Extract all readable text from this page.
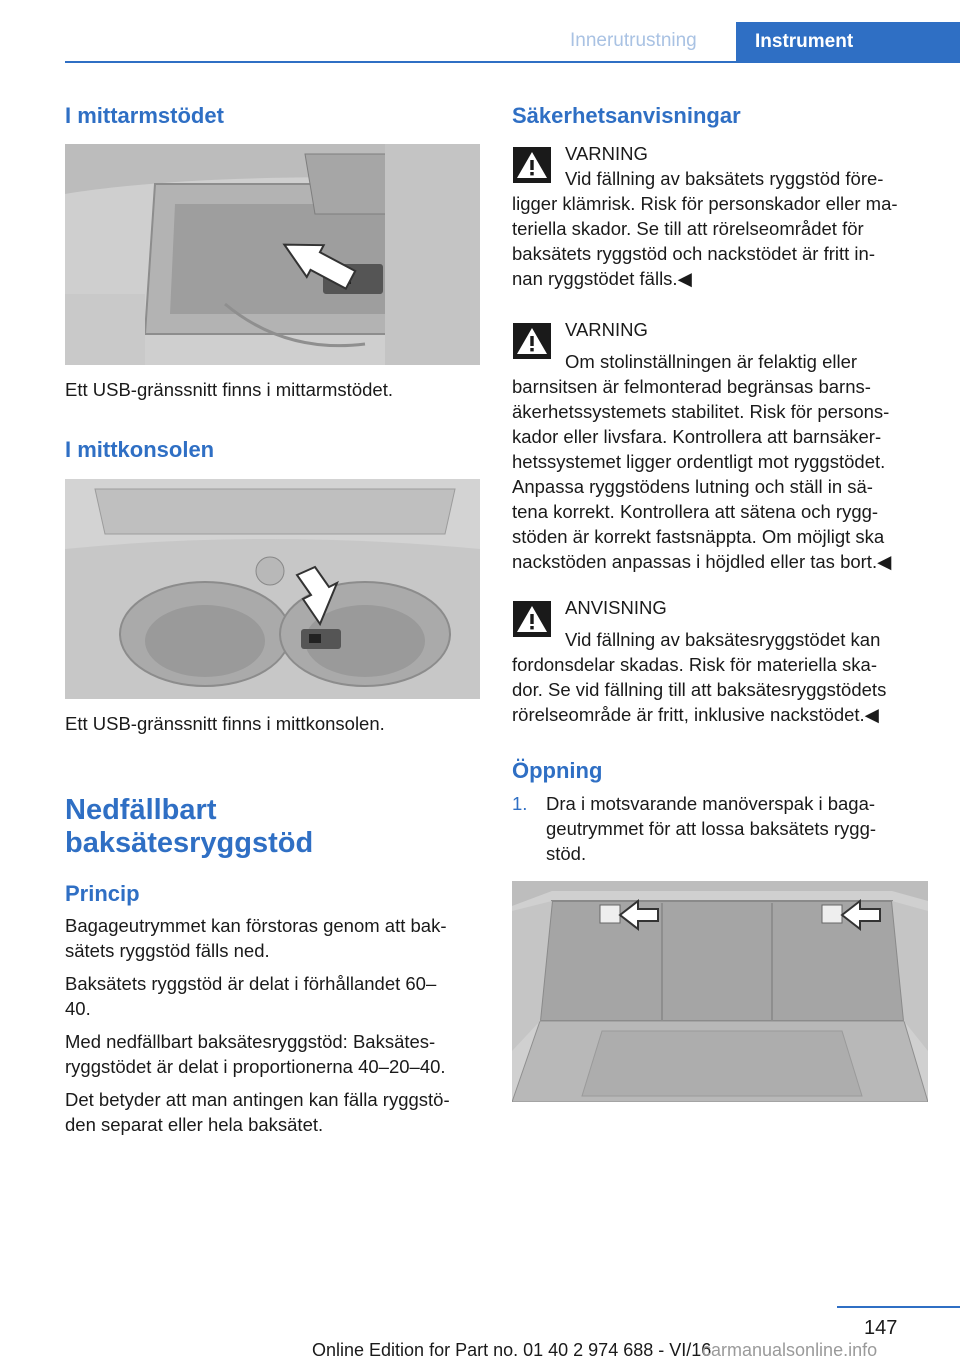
Innerutrustning	Instrument
I mittarmstödet
Ett USB-gränssnitt finns i mittarmstödet.
I mittkonsolen
Ett USB-gränssnitt finns i mittkonsolen.
Nedfällbart
baksätesryggstöd
Princip
Bagageutrymmet kan förstoras genom att bak‐
sätets ryggstöd fälls ned.
Baksätets ryggstöd är delat i förhållandet 60–
40.
Med nedfällbart baksätesryggstöd: Baksätes‐
ryggstödet är delat i proportionerna 40–20–40.
Det betyder att man antingen kan fälla ryggstö‐
den separat eller hela baksätet.
Säkerhetsanvisningar
VARNING
Vid fällning av baksätets ryggstöd före‐
ligger klämrisk. Risk för personskador eller ma‐
teriella skador. Se till att rörelseområdet för
baksätets ryggstöd och nackstödet är fritt in‐
nan ryggstödet fälls.◀
VARNING
Om stolinställningen är felaktig eller
barnsitsen är felmonterad begränsas barns‐
äkerhetssystemets stabilitet. Risk för persons‐
kador eller livsfara. Kontrollera att barnsäker‐
hetssystemet ligger ordentligt mot ryggstödet.
Anpassa ryggstödens lutning och ställ in sä‐
tena korrekt. Kontrollera att sätena och rygg‐
stöden är korrekt fastsnäppta. Om möjligt ska
nackstöden anpassas i höjdled eller tas bort.◀
ANVISNING
Vid fällning av baksätesryggstödet kan
fordonsdelar skadas. Risk för materiella ska‐
dor. Se vid fällning till att baksätesryggstödets
rörelseområde är fritt, inklusive nackstödet.◀
Öppning
1. Dra i motsvarande manöverspak i baga‐
geutrymmet för att lossa baksätets rygg‐
stöd.
147
Online Edition for Part no. 01 40 2 974 688 - VI/16
carmanualsonline.info
